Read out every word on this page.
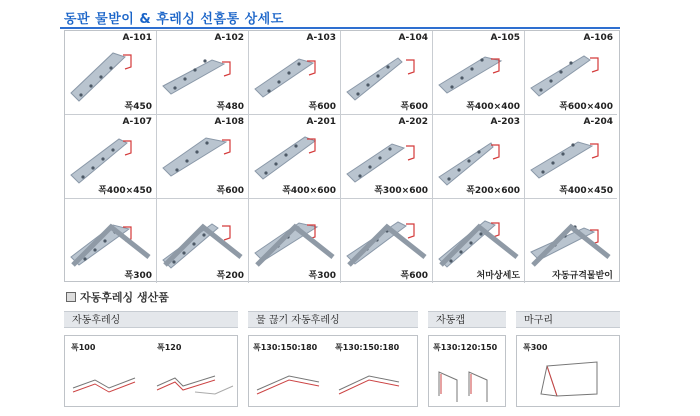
동판 물받이 & 후레싱 선홈통 상세도
A-101
폭450
A-102
폭480
A-103
폭600
A-104
폭600
A-105
폭400×400
A-106
폭600×400
A-107
폭400×450
A-108
폭600
A-201
폭400×600
A-202
폭300×600
A-203
폭200×600
A-204
폭400×450
폭300	폭200	폭300	폭600	처마상세도	자동규격물받이
자동후레싱 생산품
자동후레싱
폭100	폭120
물 끊기 자동후레싱
폭130:150:180 폭130:150:180
자동캡
폭130:120:150
마구리
폭300
